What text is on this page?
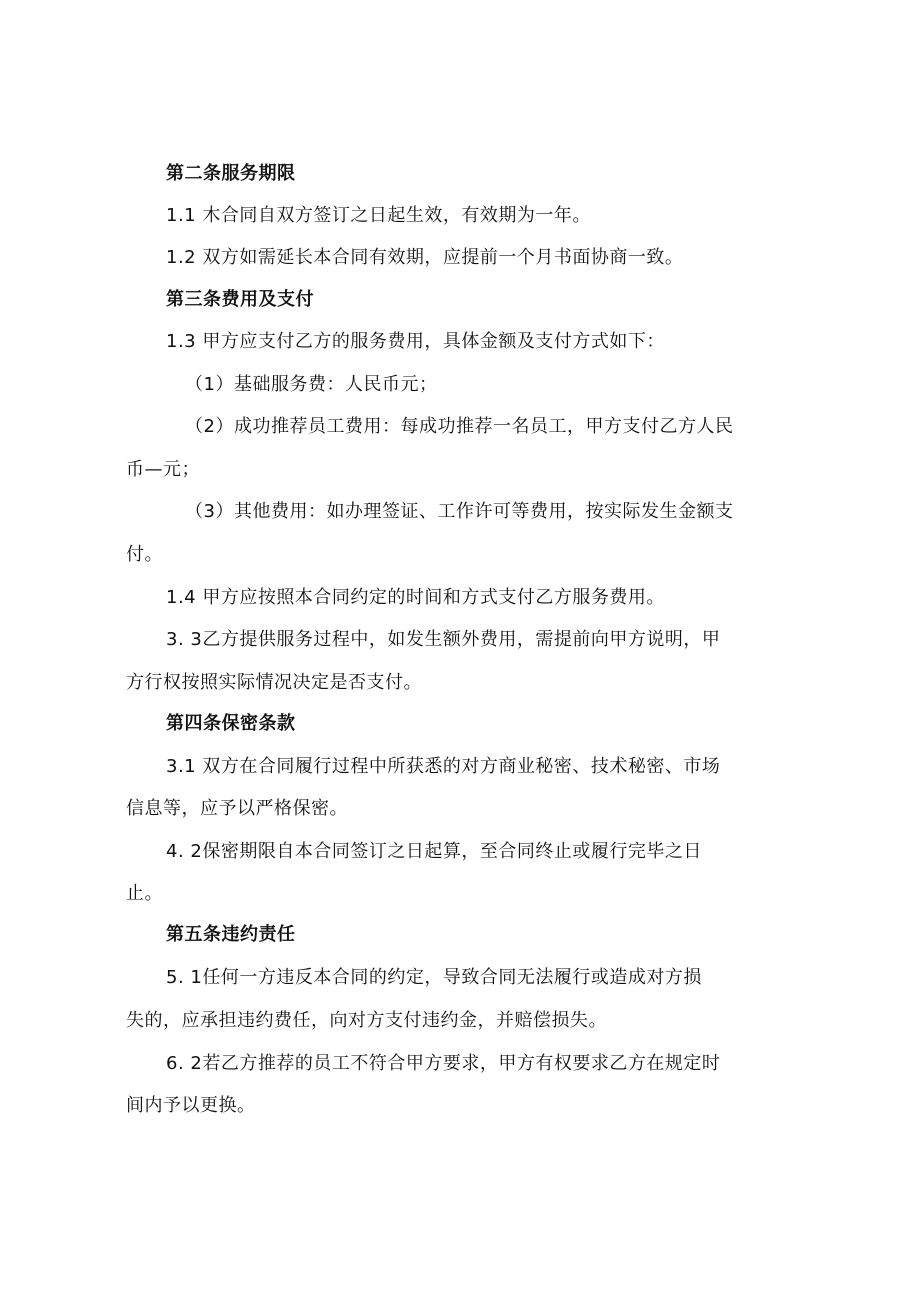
第二条服务期限
1.1 木合同自双方签订之日起生效，有效期为一年。
1.2 双方如需延长本合同有效期，应提前一个月书面协商一致。
第三条费用及支付
1.3 甲方应支付乙方的服务费用，具体金额及支付方式如下：
（1）基础服务费：人民币元；
（2）成功推荐员工费用：每成功推荐一名员工，甲方支付乙方人民
币—元；
（3）其他费用：如办理签证、工作许可等费用，按实际发生金额支
付。
1.4 甲方应按照本合同约定的时间和方式支付乙方服务费用。
3. 3乙方提供服务过程中，如发生额外费用，需提前向甲方说明，甲
方行权按照实际情况决定是否支付。
第四条保密条款
3.1 双方在合同履行过程中所获悉的对方商业秘密、技术秘密、市场
信息等，应予以严格保密。
4. 2保密期限自本合同签订之日起算，至合同终止或履行完毕之日
止。
第五条违约责任
5. 1任何一方违反本合同的约定，导致合同无法履行或造成对方损
失的，应承担违约费任，向对方支付违约金，并赔偿损失。
6. 2若乙方推荐的员工不符合甲方要求，甲方有权要求乙方在规定时
间内予以更换。
